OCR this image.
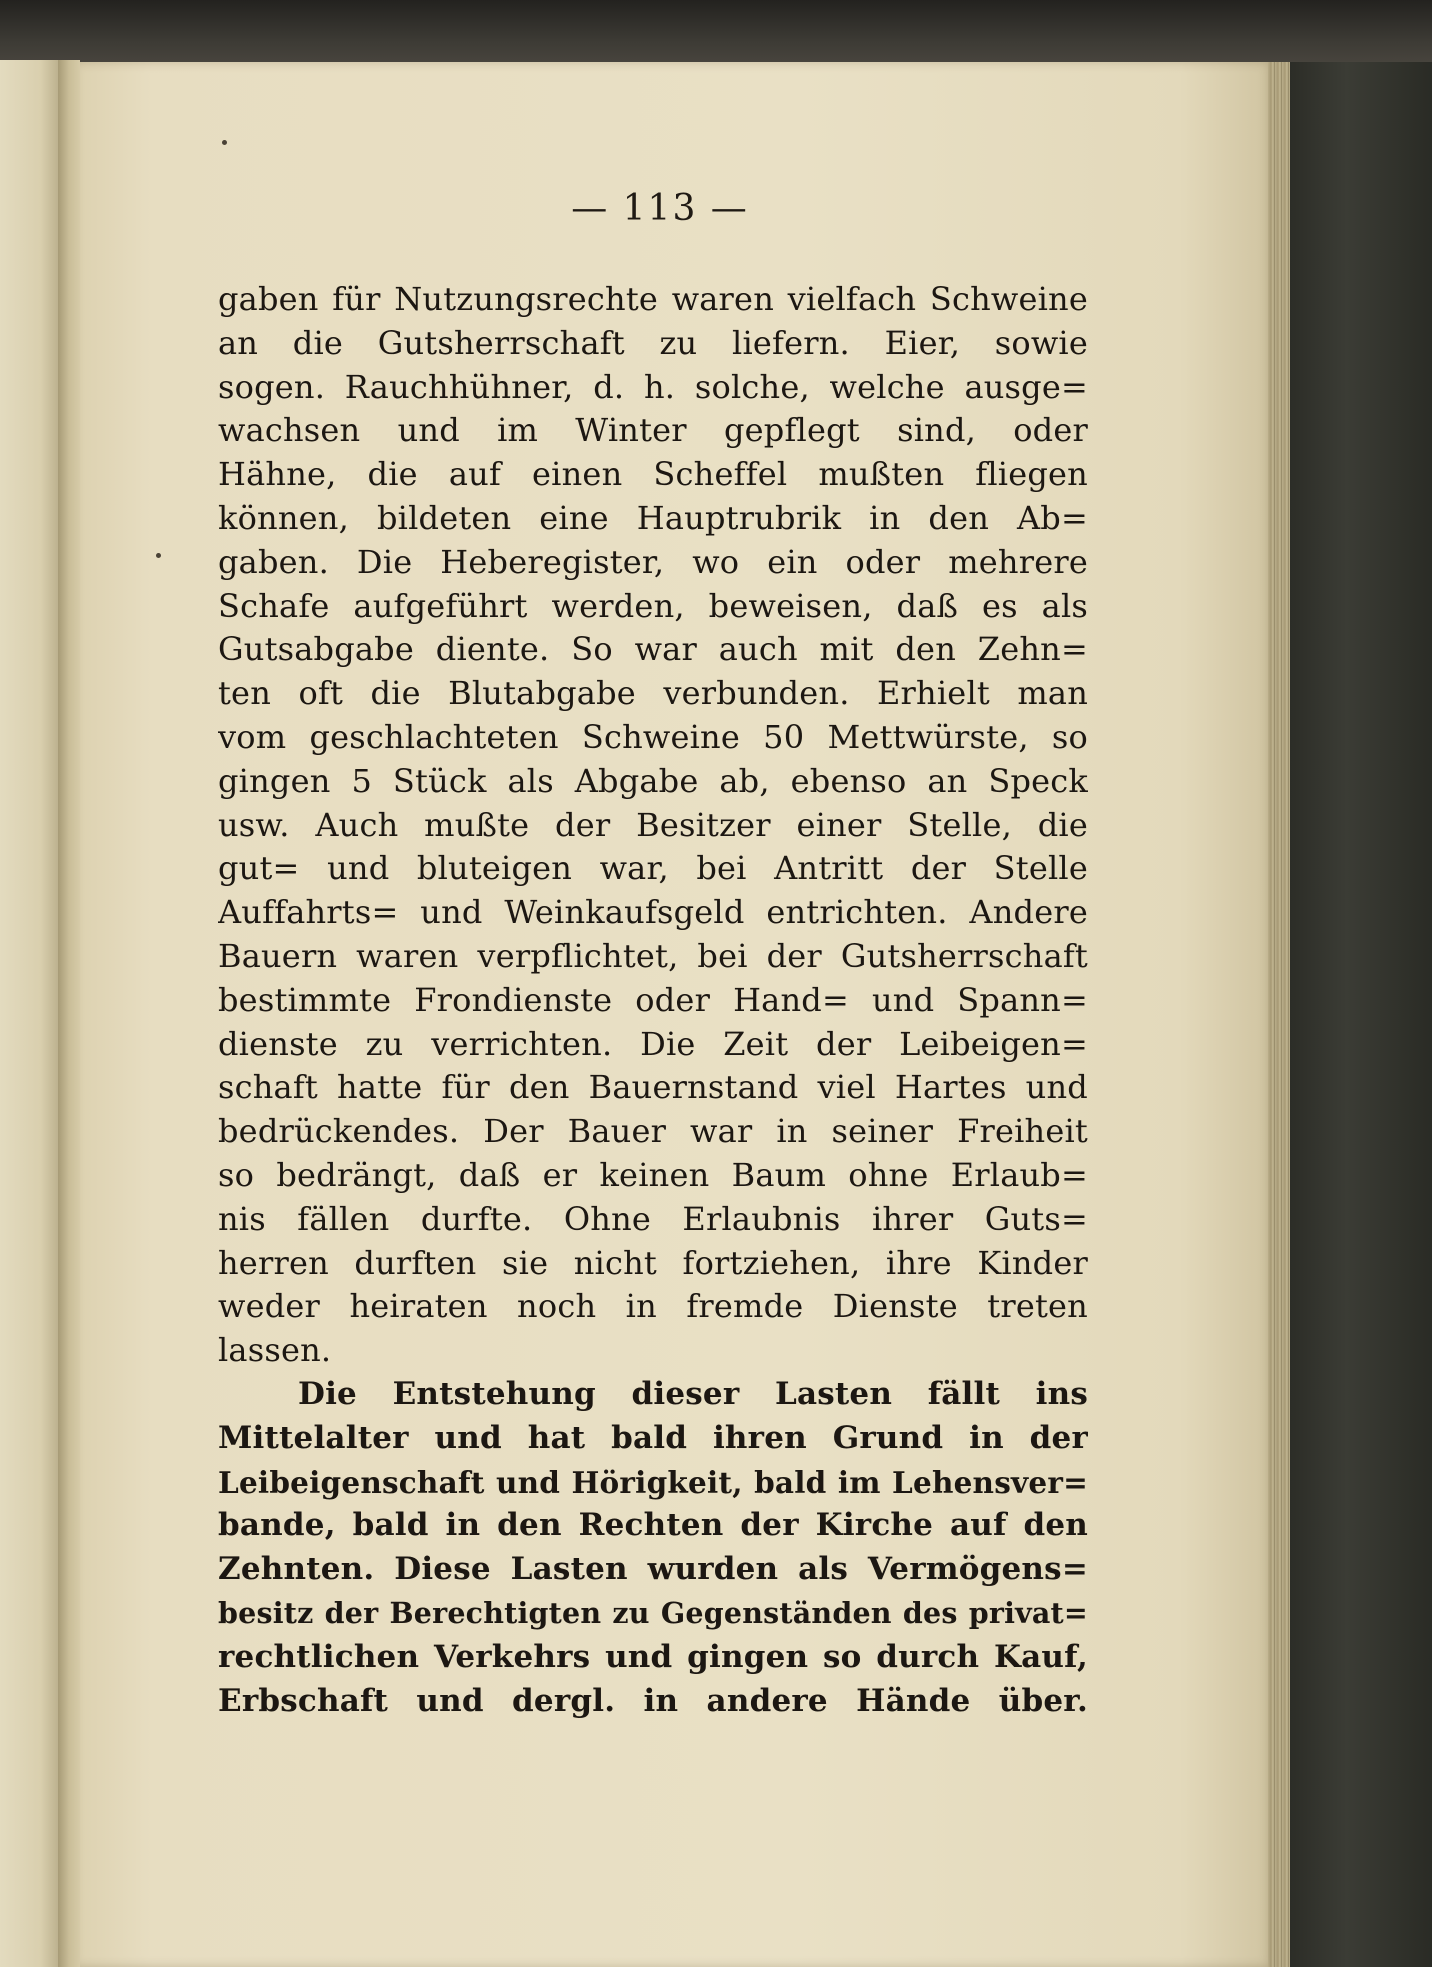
— 113 —
gaben für Nutzungsrechte waren vielfach Schweine
an die Gutsherrschaft zu liefern. Eier, sowie
sogen. Rauchhühner, d. h. solche, welche ausge=
wachsen und im Winter gepflegt sind, oder
Hähne, die auf einen Scheffel mußten fliegen
können, bildeten eine Hauptrubrik in den Ab=
gaben. Die Heberegister, wo ein oder mehrere
Schafe aufgeführt werden, beweisen, daß es als
Gutsabgabe diente. So war auch mit den Zehn=
ten oft die Blutabgabe verbunden. Erhielt man
vom geschlachteten Schweine 50 Mettwürste, so
gingen 5 Stück als Abgabe ab, ebenso an Speck
usw. Auch mußte der Besitzer einer Stelle, die
gut= und bluteigen war, bei Antritt der Stelle
Auffahrts= und Weinkaufsgeld entrichten. Andere
Bauern waren verpflichtet, bei der Gutsherrschaft
bestimmte Frondienste oder Hand= und Spann=
dienste zu verrichten. Die Zeit der Leibeigen=
schaft hatte für den Bauernstand viel Hartes und
bedrückendes. Der Bauer war in seiner Freiheit
so bedrängt, daß er keinen Baum ohne Erlaub=
nis fällen durfte. Ohne Erlaubnis ihrer Guts=
herren durften sie nicht fortziehen, ihre Kinder
weder heiraten noch in fremde Dienste treten
lassen.
Die Entstehung dieser Lasten fällt ins
Mittelalter und hat bald ihren Grund in der
Leibeigenschaft und Hörigkeit, bald im Lehensver=
bande, bald in den Rechten der Kirche auf den
Zehnten. Diese Lasten wurden als Vermögens=
besitz der Berechtigten zu Gegenständen des privat=
rechtlichen Verkehrs und gingen so durch Kauf,
Erbschaft und dergl. in andere Hände über.
